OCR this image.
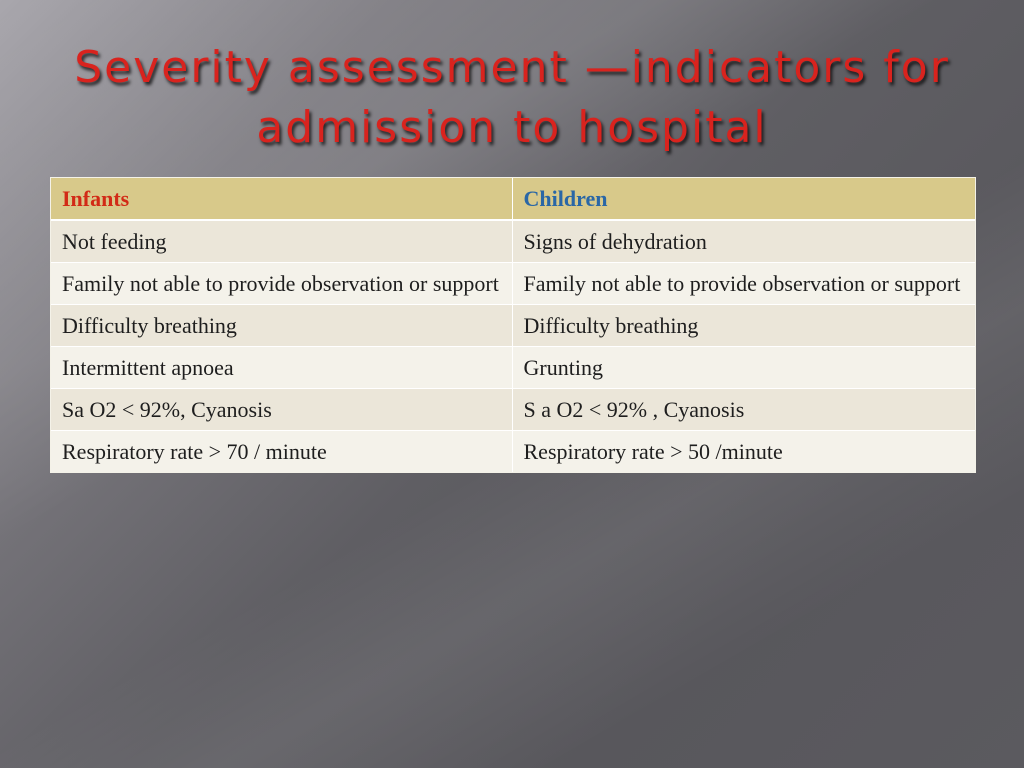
Severity assessment —indicators for admission to hospital
Infants	Children
Not feeding	Signs of dehydration
Family not able to provide observation or support	Family not able to provide observation or support
Difficulty breathing	Difficulty breathing
Intermittent apnoea	Grunting
Sa O2 < 92%, Cyanosis	S a O2 < 92% , Cyanosis
Respiratory rate > 70 / minute	Respiratory rate > 50 /minute
